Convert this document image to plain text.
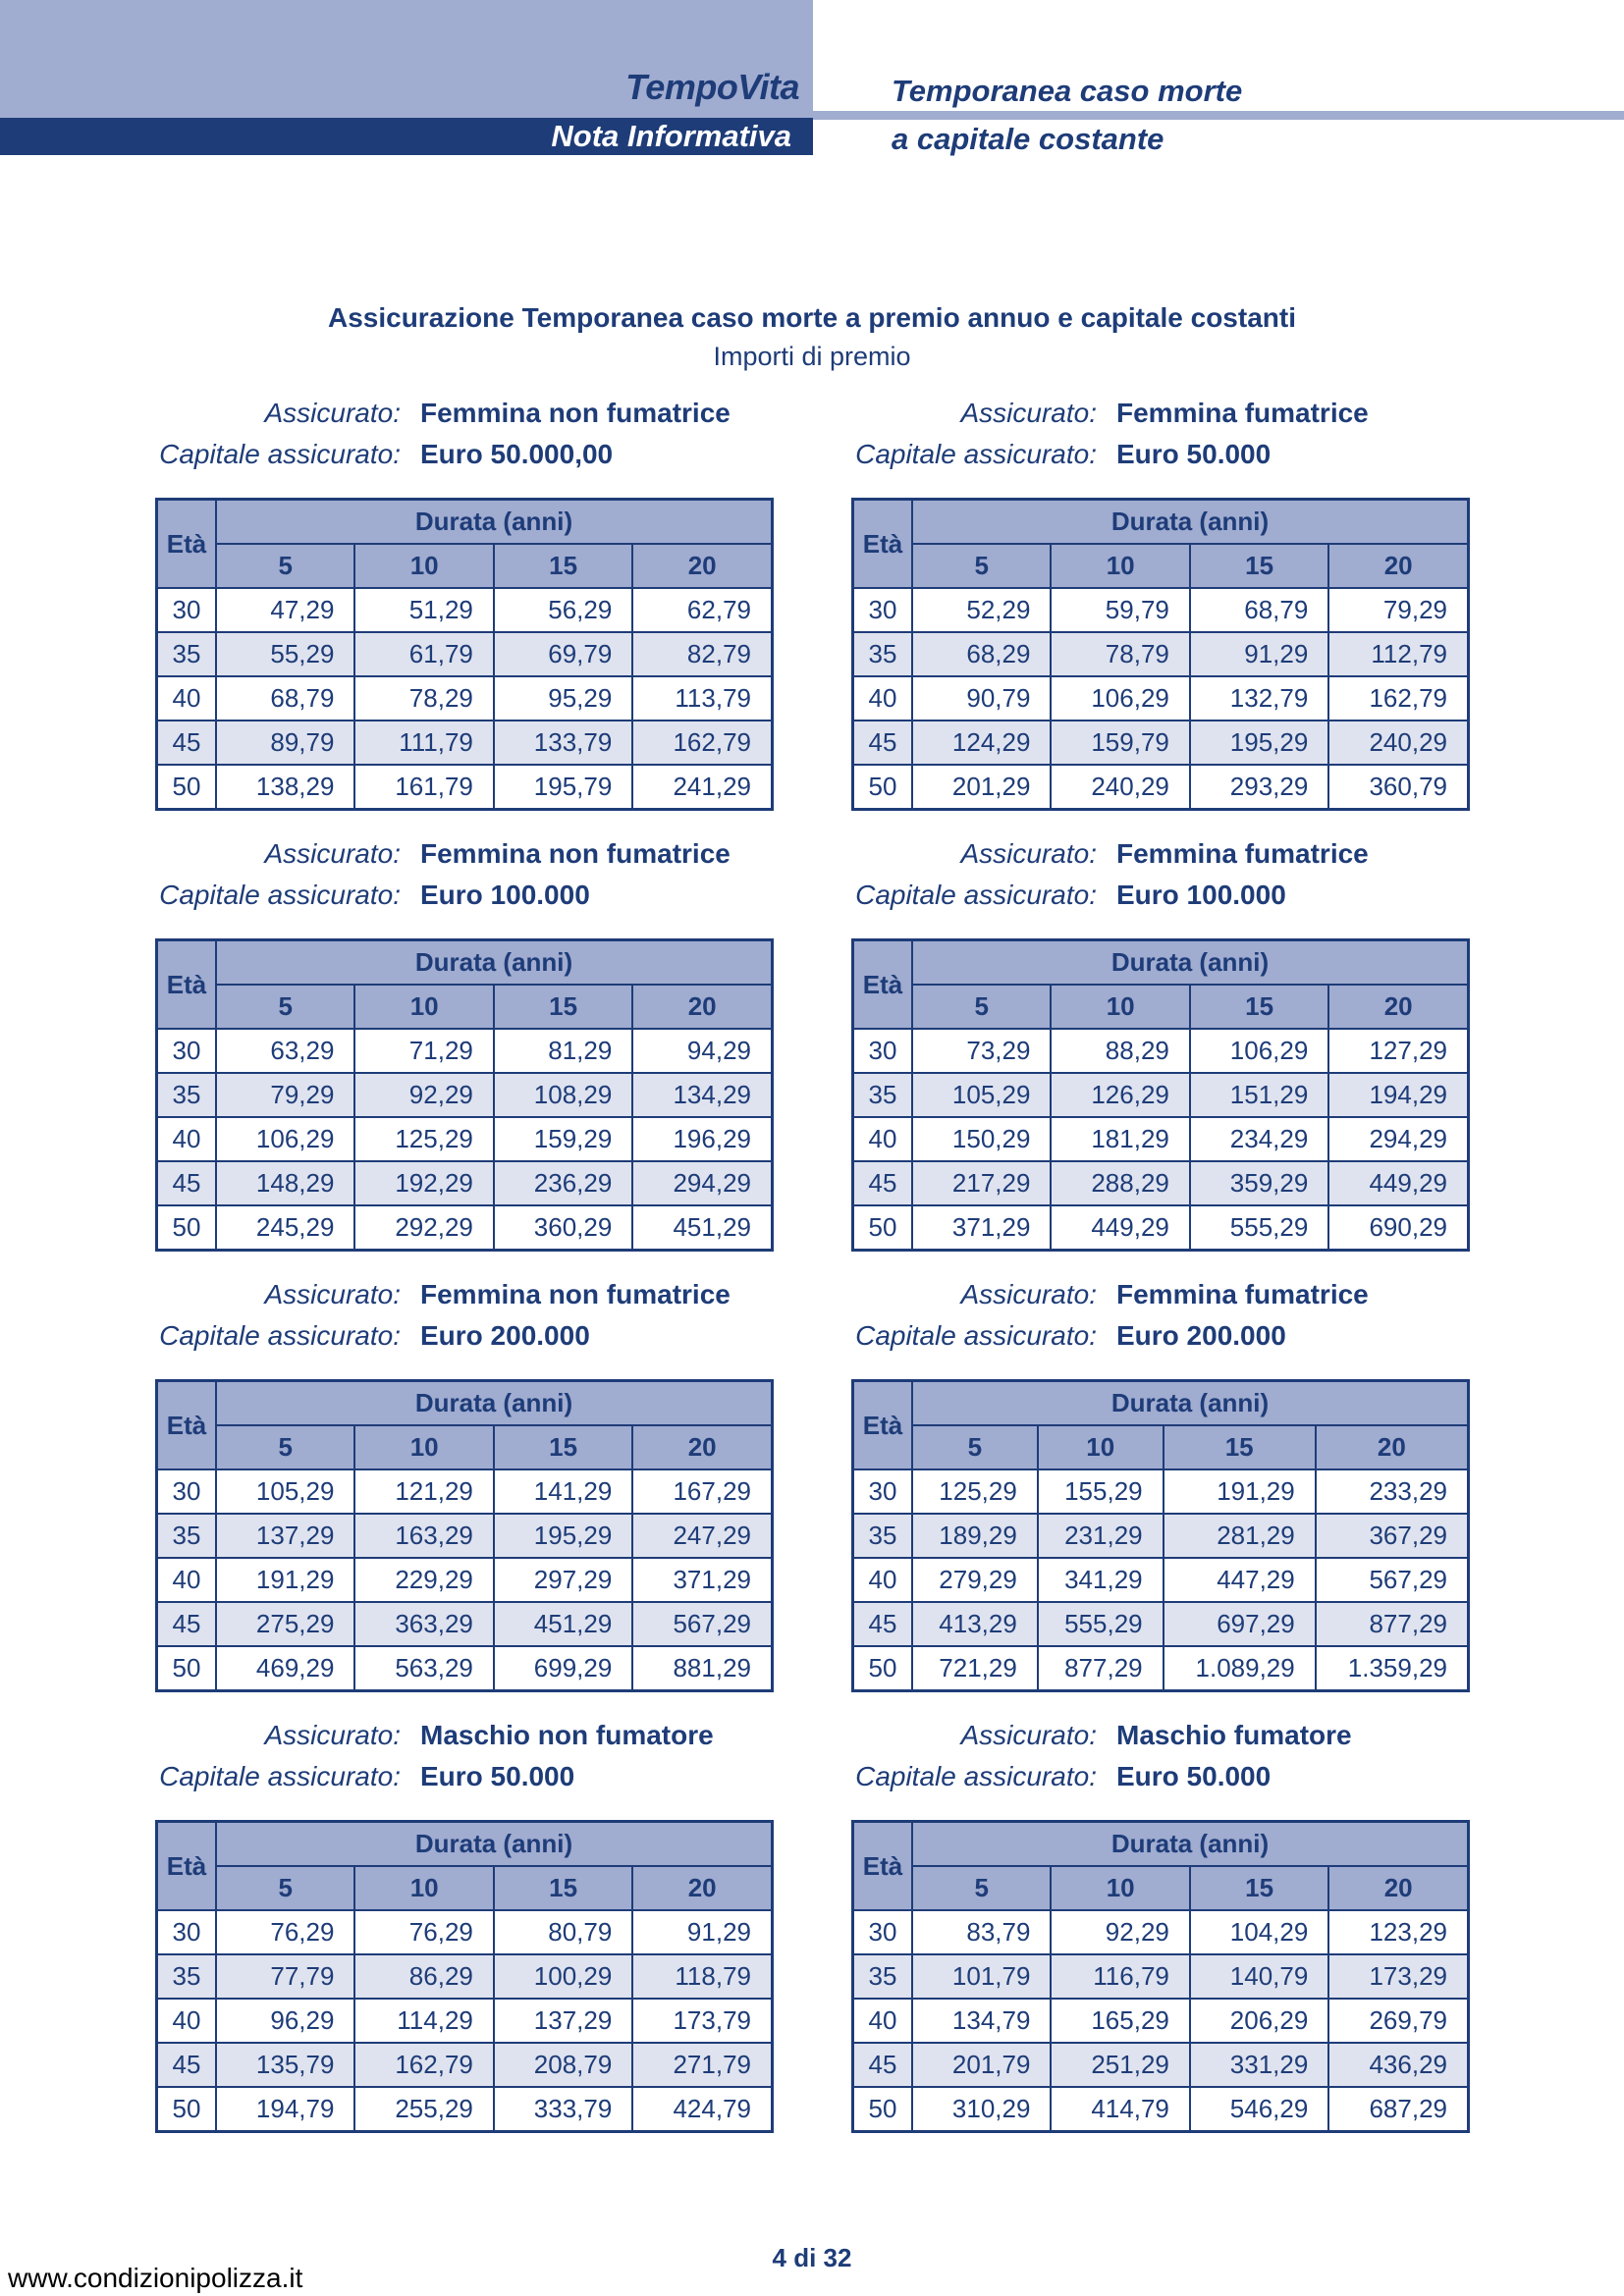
TempoVita
Nota Informativa
Temporanea caso morte
a capitale costante
Assicurazione Temporanea caso morte a premio annuo e capitale costanti
Importi di premio
Assicurato: Femmina non fumatrice
Capitale assicurato: Euro 50.000,00
Età	Durata (anni)			
	5	10	15	20
30	47,29	51,29	56,29	62,79
35	55,29	61,79	69,79	82,79
40	68,79	78,29	95,29	113,79
45	89,79	111,79	133,79	162,79
50	138,29	161,79	195,79	241,29
Assicurato: Femmina fumatrice
Capitale assicurato: Euro 50.000
Età	Durata (anni)			
	5	10	15	20
30	52,29	59,79	68,79	79,29
35	68,29	78,79	91,29	112,79
40	90,79	106,29	132,79	162,79
45	124,29	159,79	195,29	240,29
50	201,29	240,29	293,29	360,79
Assicurato: Femmina non fumatrice
Capitale assicurato: Euro 100.000
Età	Durata (anni)			
	5	10	15	20
30	63,29	71,29	81,29	94,29
35	79,29	92,29	108,29	134,29
40	106,29	125,29	159,29	196,29
45	148,29	192,29	236,29	294,29
50	245,29	292,29	360,29	451,29
Assicurato: Femmina fumatrice
Capitale assicurato: Euro 100.000
Età	Durata (anni)			
	5	10	15	20
30	73,29	88,29	106,29	127,29
35	105,29	126,29	151,29	194,29
40	150,29	181,29	234,29	294,29
45	217,29	288,29	359,29	449,29
50	371,29	449,29	555,29	690,29
Assicurato: Femmina non fumatrice
Capitale assicurato: Euro 200.000
Età	Durata (anni)			
	5	10	15	20
30	105,29	121,29	141,29	167,29
35	137,29	163,29	195,29	247,29
40	191,29	229,29	297,29	371,29
45	275,29	363,29	451,29	567,29
50	469,29	563,29	699,29	881,29
Assicurato: Femmina fumatrice
Capitale assicurato: Euro 200.000
Età	Durata (anni)			
	5	10	15	20
30	125,29	155,29	191,29	233,29
35	189,29	231,29	281,29	367,29
40	279,29	341,29	447,29	567,29
45	413,29	555,29	697,29	877,29
50	721,29	877,29	1.089,29	1.359,29
Assicurato: Maschio non fumatore
Capitale assicurato: Euro 50.000
Età	Durata (anni)			
	5	10	15	20
30	76,29	76,29	80,79	91,29
35	77,79	86,29	100,29	118,79
40	96,29	114,29	137,29	173,79
45	135,79	162,79	208,79	271,79
50	194,79	255,29	333,79	424,79
Assicurato: Maschio fumatore
Capitale assicurato: Euro 50.000
Età	Durata (anni)			
	5	10	15	20
30	83,79	92,29	104,29	123,29
35	101,79	116,79	140,79	173,29
40	134,79	165,29	206,29	269,79
45	201,79	251,29	331,29	436,29
50	310,29	414,79	546,29	687,29
4 di 32
www.condizionipolizza.it
